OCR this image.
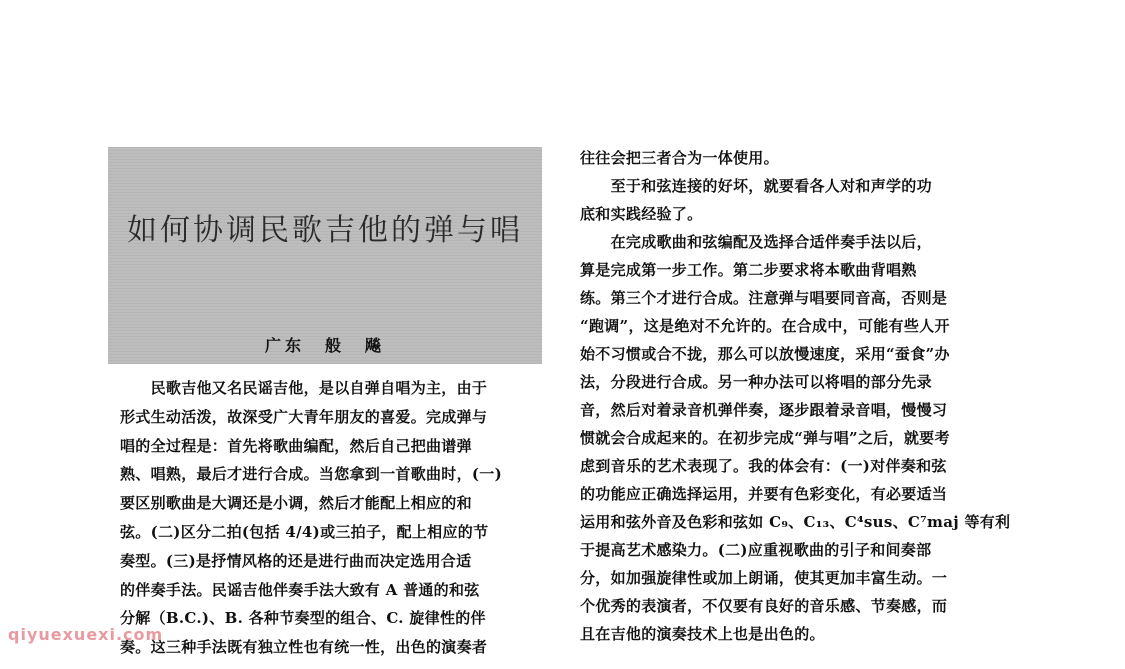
如何协调民歌吉他的弹与唱
广东　般　飚
　　民歌吉他又名民谣吉他，是以自弹自唱为主，由于
形式生动活泼，故深受广大青年朋友的喜爱。完成弹与
唱的全过程是：首先将歌曲编配，然后自己把曲谱弹
熟、唱熟，最后才进行合成。当您拿到一首歌曲时，(一)
要区别歌曲是大调还是小调，然后才能配上相应的和
弦。(二)区分二拍(包括 4/4)或三拍子，配上相应的节
奏型。(三)是抒情风格的还是进行曲而决定选用合适
的伴奏手法。民谣吉他伴奏手法大致有 A 普通的和弦
分解（B.C.)、B. 各种节奏型的组合、C. 旋律性的伴
奏。这三种手法既有独立性也有统一性，出色的演奏者
往往会把三者合为一体使用。
　　至于和弦连接的好坏，就要看各人对和声学的功
底和实践经验了。
　　在完成歌曲和弦编配及选择合适伴奏手法以后，
算是完成第一步工作。第二步要求将本歌曲背唱熟
练。第三个才进行合成。注意弹与唱要同音高，否则是
“跑调”，这是绝对不允许的。在合成中，可能有些人开
始不习惯或合不拢，那么可以放慢速度，采用“蚕食”办
法，分段进行合成。另一种办法可以将唱的部分先录
音，然后对着录音机弹伴奏，逐步跟着录音唱，慢慢习
惯就会合成起来的。在初步完成“弹与唱”之后，就要考
虑到音乐的艺术表现了。我的体会有：(一)对伴奏和弦
的功能应正确选择运用，并要有色彩变化，有必要适当
运用和弦外音及色彩和弦如 C₉、C₁₃、C⁴sus、C⁷maj 等有利
于提高艺术感染力。(二)应重视歌曲的引子和间奏部
分，如加强旋律性或加上朗诵，使其更加丰富生动。一
个优秀的表演者，不仅要有良好的音乐感、节奏感，而
且在吉他的演奏技术上也是出色的。
qiyuexuexi.com
